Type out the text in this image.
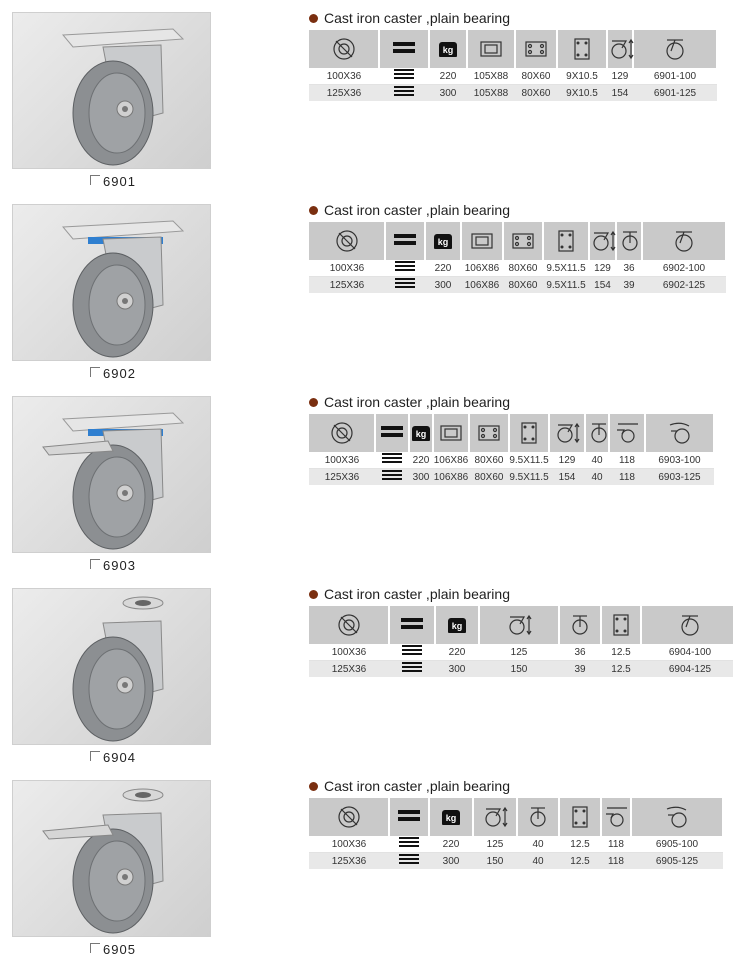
6901
Cast iron caster ,plain bearing

	kg	

100X36		220	105X88	80X60	9X10.5	129	6901-100
125X36		300	105X88	80X60	9X10.5	154	6901-125
6902
Cast iron caster ,plain bearing

	kg	

100X36		220	106X86	80X60	9.5X11.5	129	36	6902-100
125X36		300	106X86	80X60	9.5X11.5	154	39	6902-125
6903
Cast iron caster ,plain bearing

	kg	

100X36		220	106X86	80X60	9.5X11.5	129	40	118	6903-100
125X36		300	106X86	80X60	9.5X11.5	154	40	118	6903-125
6904
Cast iron caster ,plain bearing

	kg	

100X36		220	125	36	12.5	6904-100
125X36		300	150	39	12.5	6904-125
6905
Cast iron caster ,plain bearing

	kg	

100X36		220	125	40	12.5	118	6905-100
125X36		300	150	40	12.5	118	6905-125
